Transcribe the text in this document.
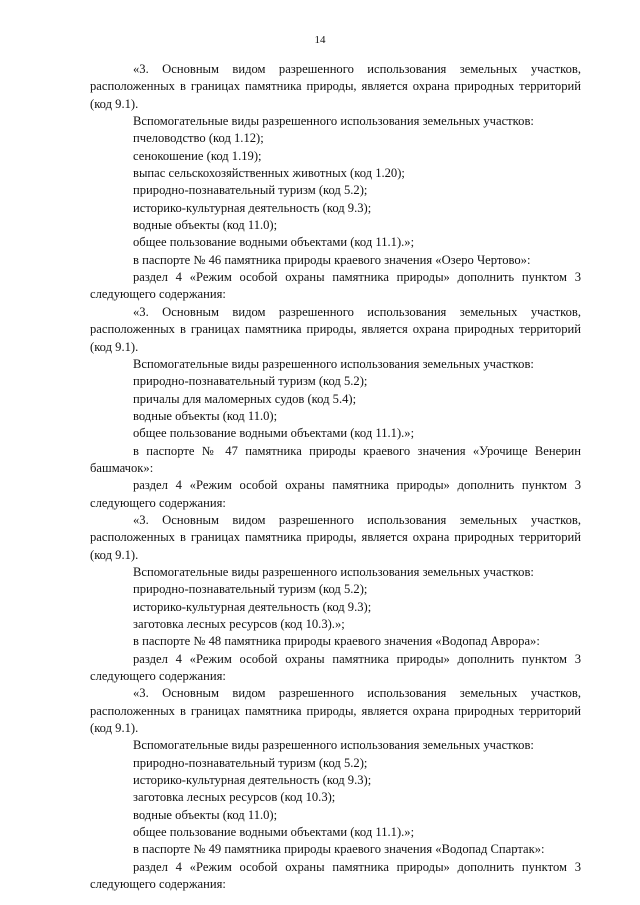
14

«3. Основным видом разрешенного использования земельных участков, расположенных в границах памятника природы, является охрана природных территорий (код 9.1).

Вспомогательные виды разрешенного использования земельных участков:

пчеловодство (код 1.12);

сенокошение (код 1.19);

выпас сельскохозяйственных животных (код 1.20);

природно-познавательный туризм (код 5.2);

историко-культурная деятельность (код 9.3);

водные объекты (код 11.0);

общее пользование водными объектами (код 11.1).»;

в паспорте № 46 памятника природы краевого значения «Озеро Чертово»:

раздел 4 «Режим особой охраны памятника природы» дополнить пунктом 3 следующего содержания:

«3. Основным видом разрешенного использования земельных участков, расположенных в границах памятника природы, является охрана природных территорий (код 9.1).

Вспомогательные виды разрешенного использования земельных участков:

природно-познавательный туризм (код 5.2);

причалы для маломерных судов (код 5.4);

водные объекты (код 11.0);

общее пользование водными объектами (код 11.1).»;

в паспорте № 47 памятника природы краевого значения «Урочище Венерин башмачок»:

раздел 4 «Режим особой охраны памятника природы» дополнить пунктом 3 следующего содержания:

«3. Основным видом разрешенного использования земельных участков, расположенных в границах памятника природы, является охрана природных территорий (код 9.1).

Вспомогательные виды разрешенного использования земельных участков:

природно-познавательный туризм (код 5.2);

историко-культурная деятельность (код 9.3);

заготовка лесных ресурсов (код 10.3).»;

в паспорте № 48 памятника природы краевого значения «Водопад Аврора»:

раздел 4 «Режим особой охраны памятника природы» дополнить пунктом 3 следующего содержания:

«3. Основным видом разрешенного использования земельных участков, расположенных в границах памятника природы, является охрана природных территорий (код 9.1).

Вспомогательные виды разрешенного использования земельных участков:

природно-познавательный туризм (код 5.2);

историко-культурная деятельность (код 9.3);

заготовка лесных ресурсов (код 10.3);

водные объекты (код 11.0);

общее пользование водными объектами (код 11.1).»;

в паспорте № 49 памятника природы краевого значения «Водопад Спартак»:

раздел 4 «Режим особой охраны памятника природы» дополнить пунктом 3 следующего содержания:
